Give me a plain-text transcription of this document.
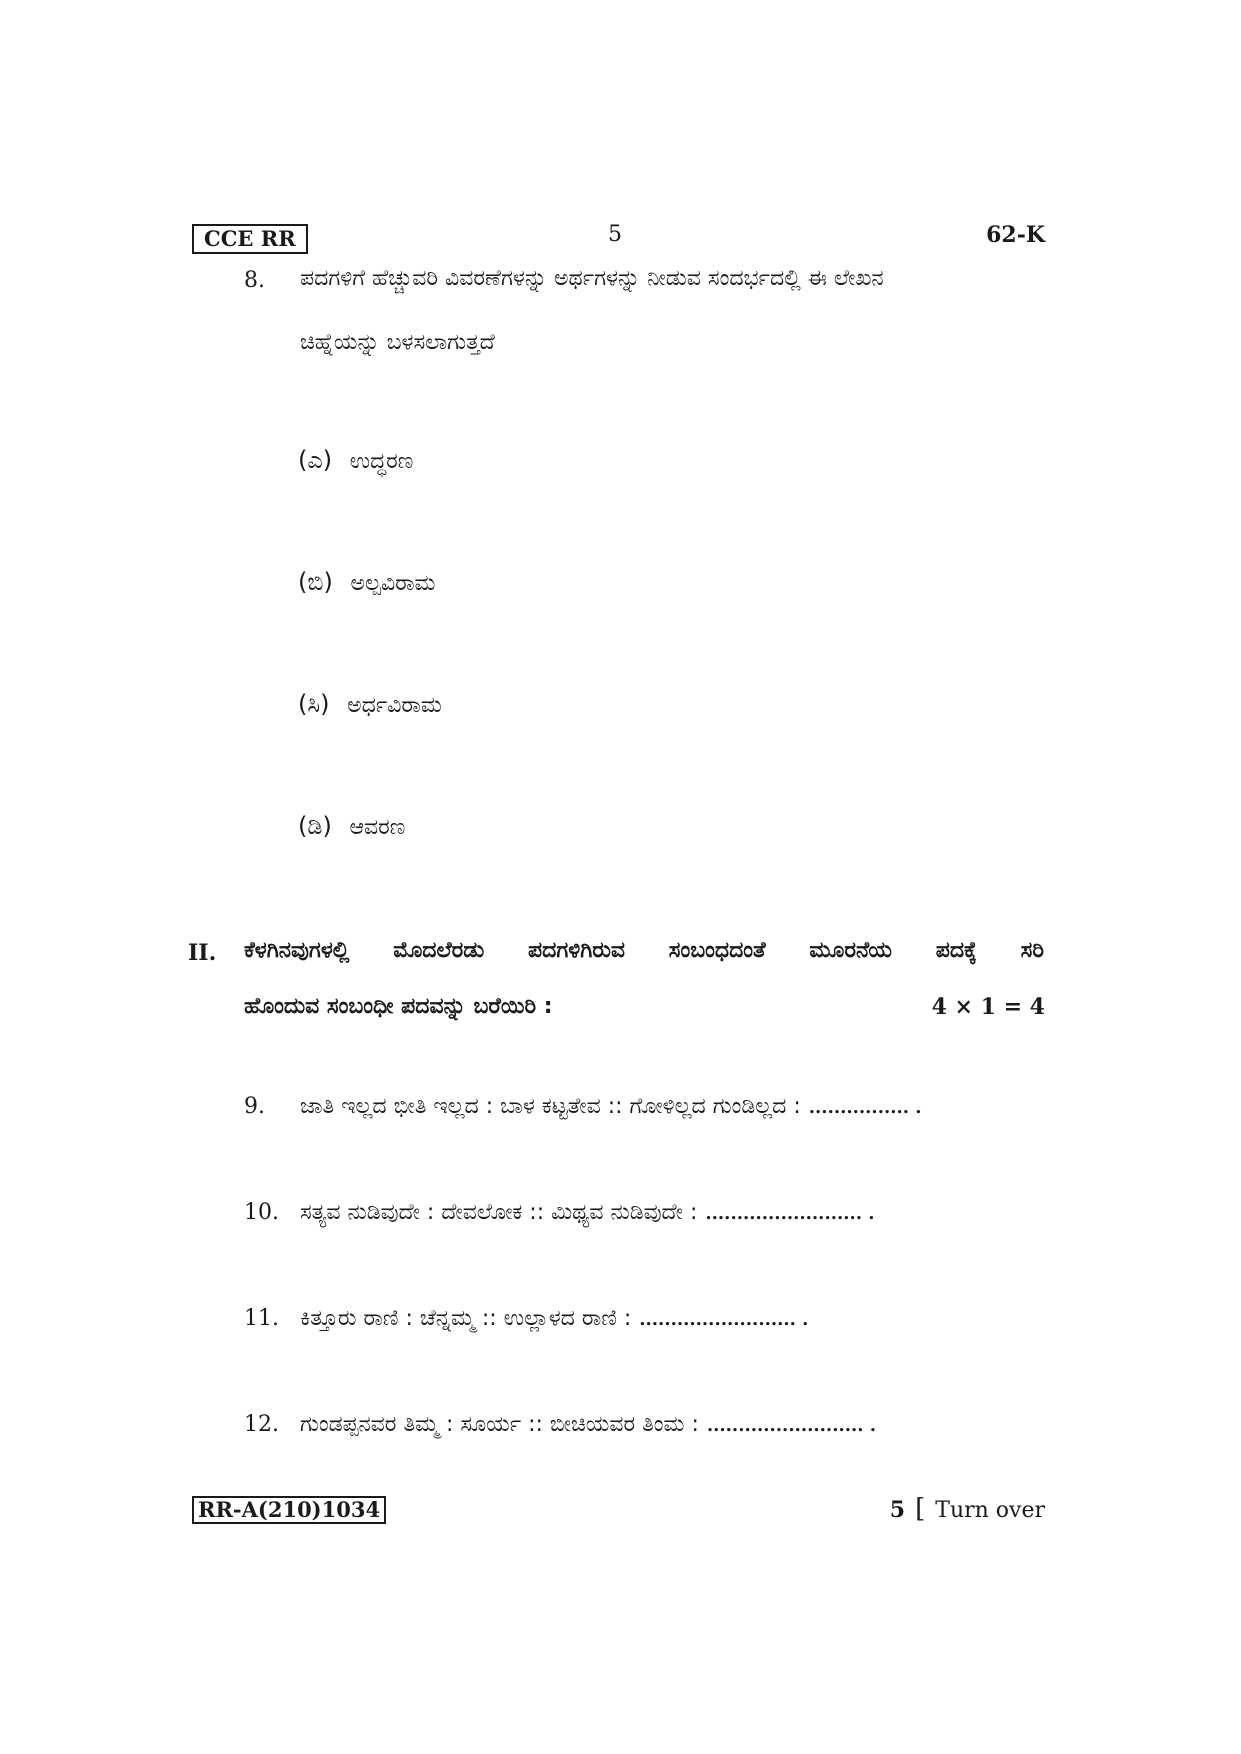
CCE RR	5	62-K
8. ಪದಗಳಿಗೆ ಹೆಚ್ಚುವರಿ ವಿವರಣೆಗಳನ್ನು ಅರ್ಥಗಳನ್ನು ನೀಡುವ ಸಂದರ್ಭದಲ್ಲಿ ಈ ಲೇಖನ
ಚಿಹ್ನೆಯನ್ನು ಬಳಸಲಾಗುತ್ತದೆ
(ಎ) ಉದ್ಧರಣ
(ಬಿ) ಅಲ್ಪವಿರಾಮ
(ಸಿ) ಅರ್ಧವಿರಾಮ
(ಡಿ) ಆವರಣ
II. ಕೆಳಗಿನವುಗಳಲ್ಲಿ ಮೊದಲೆರಡು ಪದಗಳಿಗಿರುವ ಸಂಬಂಧದಂತೆ ಮೂರನೆಯ ಪದಕ್ಕೆ ಸರಿ
ಹೊಂದುವ ಸಂಬಂಧೀ ಪದವನ್ನು ಬರೆಯಿರಿ :	4 × 1 = 4
9.	ಜಾತಿ ಇಲ್ಲದ ಭೀತಿ ಇಲ್ಲದ : ಬಾಳ ಕಟ್ಟತೇವ :: ಗೋಳಿಲ್ಲದ ಗುಂಡಿಲ್ಲದ : ................ .
10. ಸತ್ಯವ ನುಡಿವುದೇ : ದೇವಲೋಕ :: ಮಿಥ್ಯವ ನುಡಿವುದೇ : ......................... .
11. ಕಿತ್ತೂರು ರಾಣಿ : ಚೆನ್ನಮ್ಮ :: ಉಲ್ಲಾಳದ ರಾಣಿ : ......................... .
12. ಗುಂಡಪ್ಪನವರ ತಿಮ್ಮ : ಸೂರ್ಯ :: ಬೀಚಿಯವರ ತಿಂಮ : ......................... .
RR-A(210)1034	5 [ Turn over
